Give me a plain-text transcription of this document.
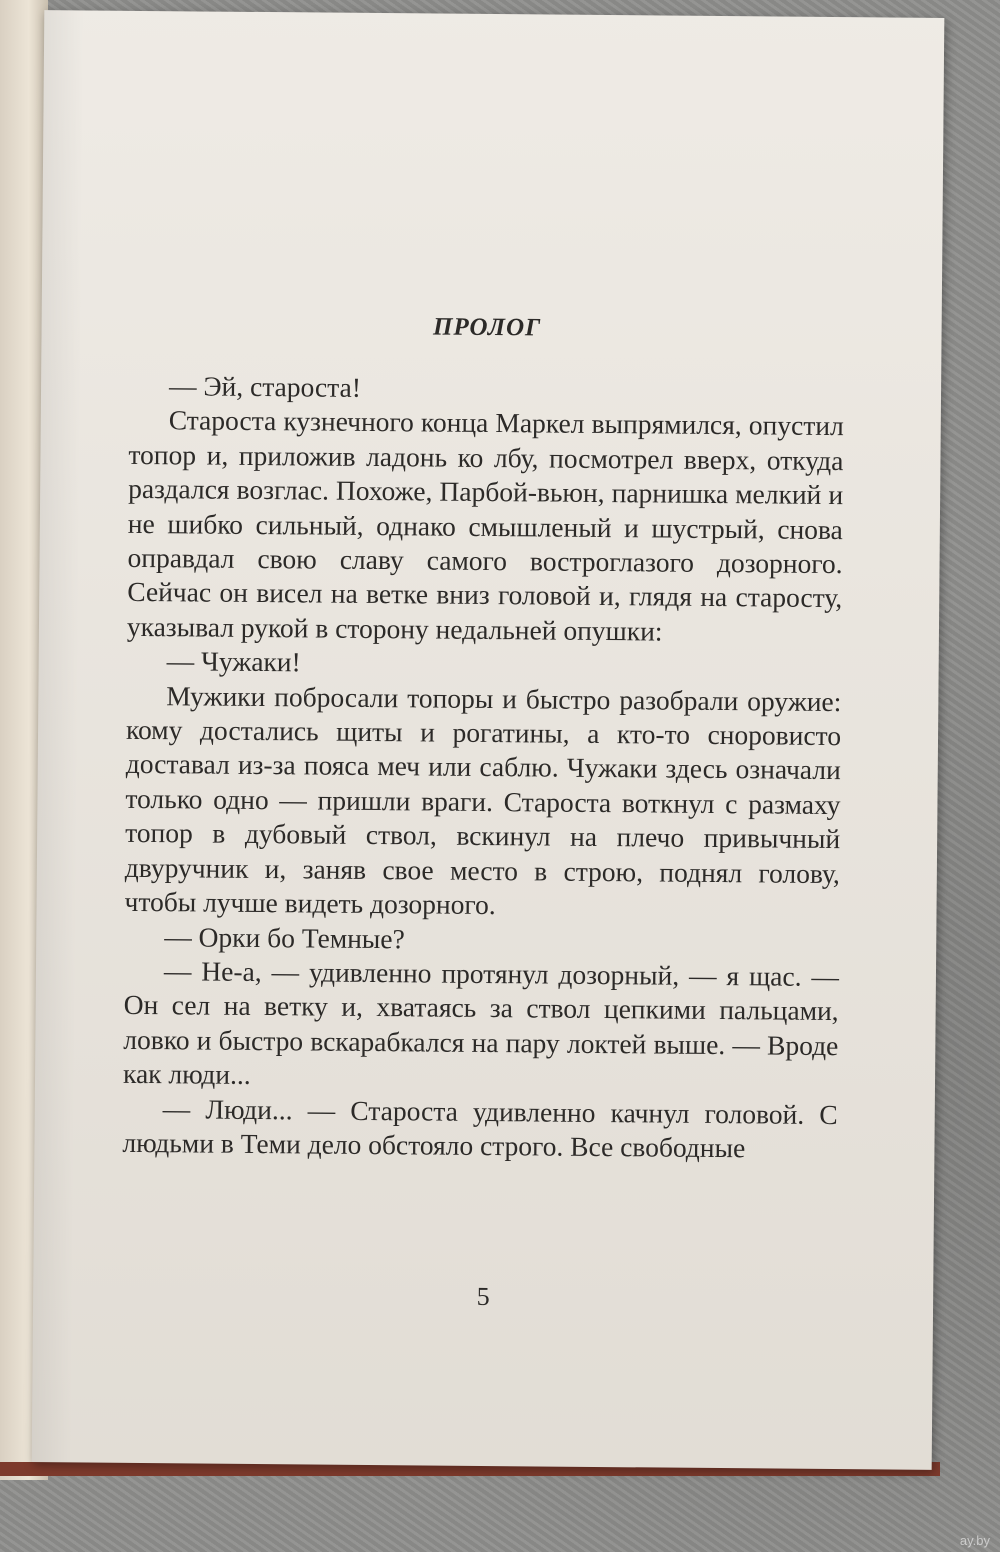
ПРОЛОГ

— Эй, староста!

Староста кузнечного конца Маркел выпрямился, опустил топор и, приложив ладонь ко лбу, посмотрел вверх, откуда раздался возглас. Похоже, Парбой-вьюн, парнишка мелкий и не шибко сильный, однако смышленый и шустрый, снова оправдал свою славу самого востроглазого дозорного. Сейчас он висел на ветке вниз головой и, глядя на старосту, указывал рукой в сторону недальней опушки:

— Чужаки!

Мужики побросали топоры и быстро разобрали оружие: кому достались щиты и рогатины, а кто-то сноровисто доставал из-за пояса меч или саблю. Чужаки здесь означали только одно — пришли враги. Староста воткнул с размаху топор в дубовый ствол, вскинул на плечо привычный двуручник и, заняв свое место в строю, поднял голову, чтобы лучше видеть дозорного.

— Орки бо Темные?

— Не-а, — удивленно протянул дозорный, — я щас. — Он сел на ветку и, хватаясь за ствол цепкими пальцами, ловко и быстро вскарабкался на пару локтей выше. — Вроде как люди...

— Люди... — Староста удивленно качнул головой. С людьми в Теми дело обстояло строго. Все свободные

5
ay.by
